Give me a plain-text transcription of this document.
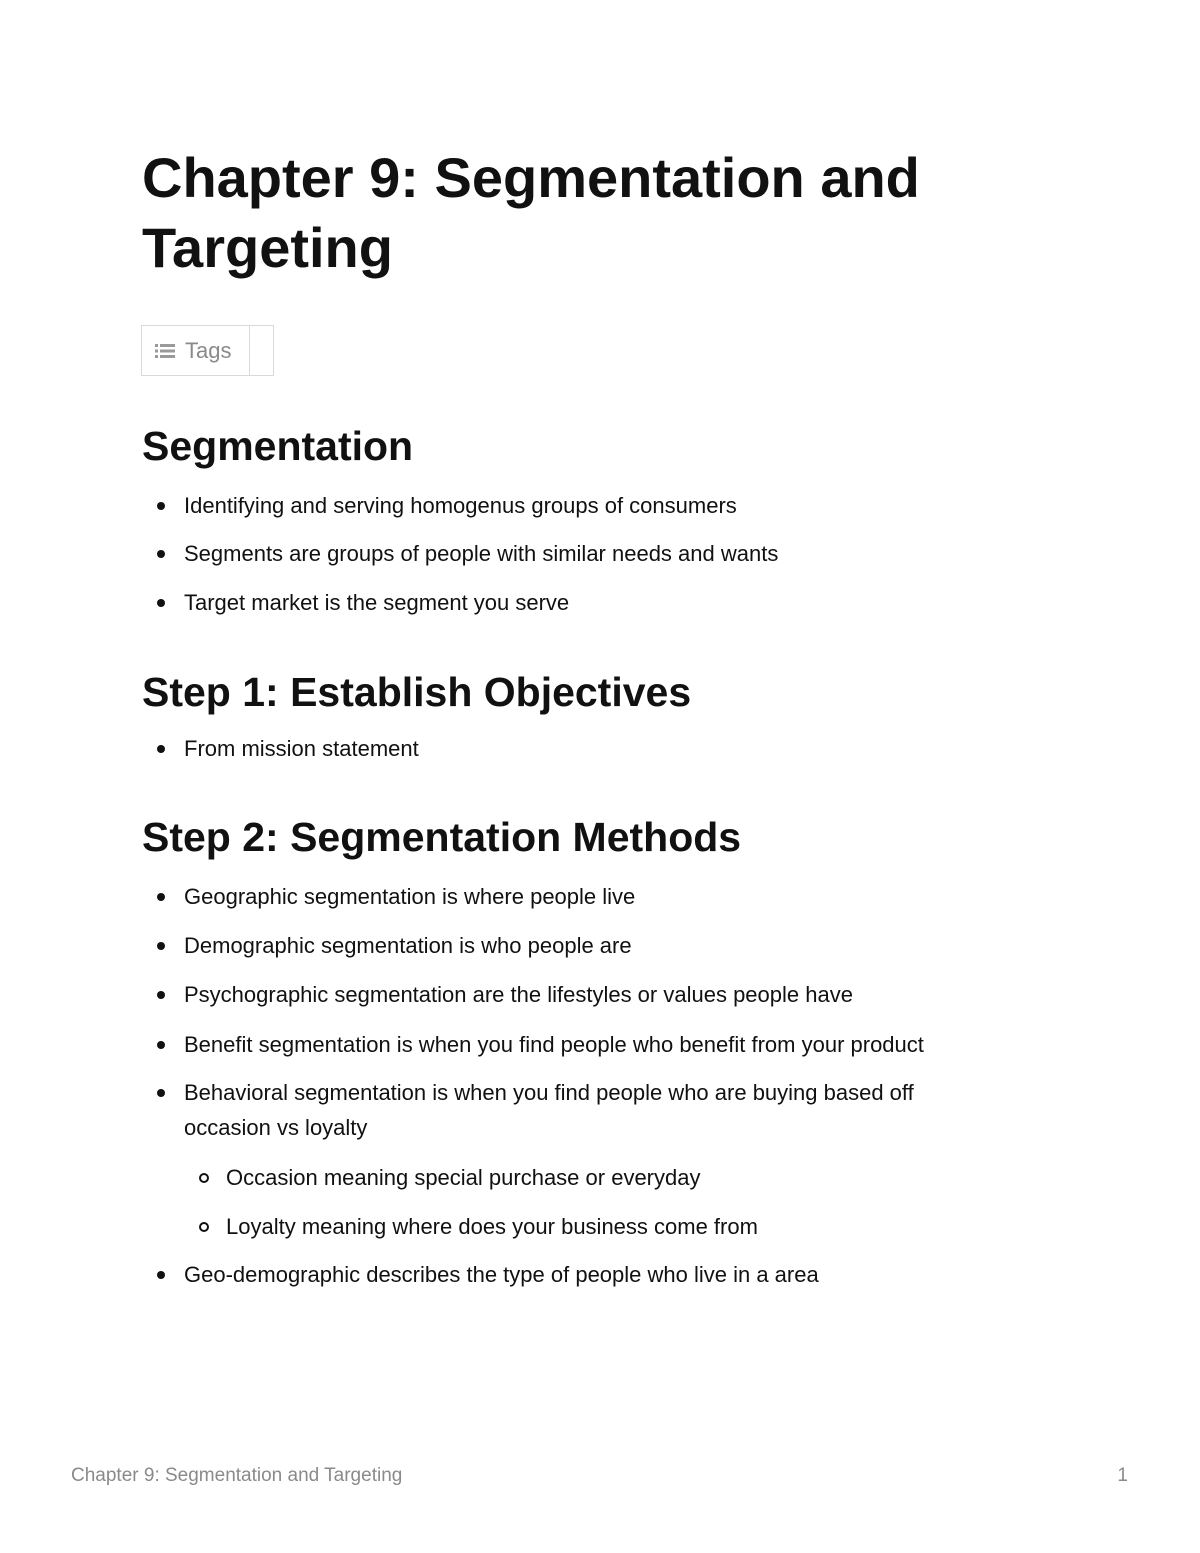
Chapter 9: Segmentation and Targeting
Tags
Segmentation
Identifying and serving homogenus groups of consumers
Segments are groups of people with similar needs and wants
Target market is the segment you serve
Step 1: Establish Objectives
From mission statement
Step 2: Segmentation Methods
Geographic segmentation is where people live
Demographic segmentation is who people are
Psychographic segmentation are the lifestyles or values people have
Benefit segmentation is when you find people who benefit from your product
Behavioral segmentation is when you find people who are buying based off occasion vs loyalty
Occasion meaning special purchase or everyday
Loyalty meaning where does your business come from
Geo-demographic describes the type of people who live in a area
Chapter 9: Segmentation and Targeting	1
